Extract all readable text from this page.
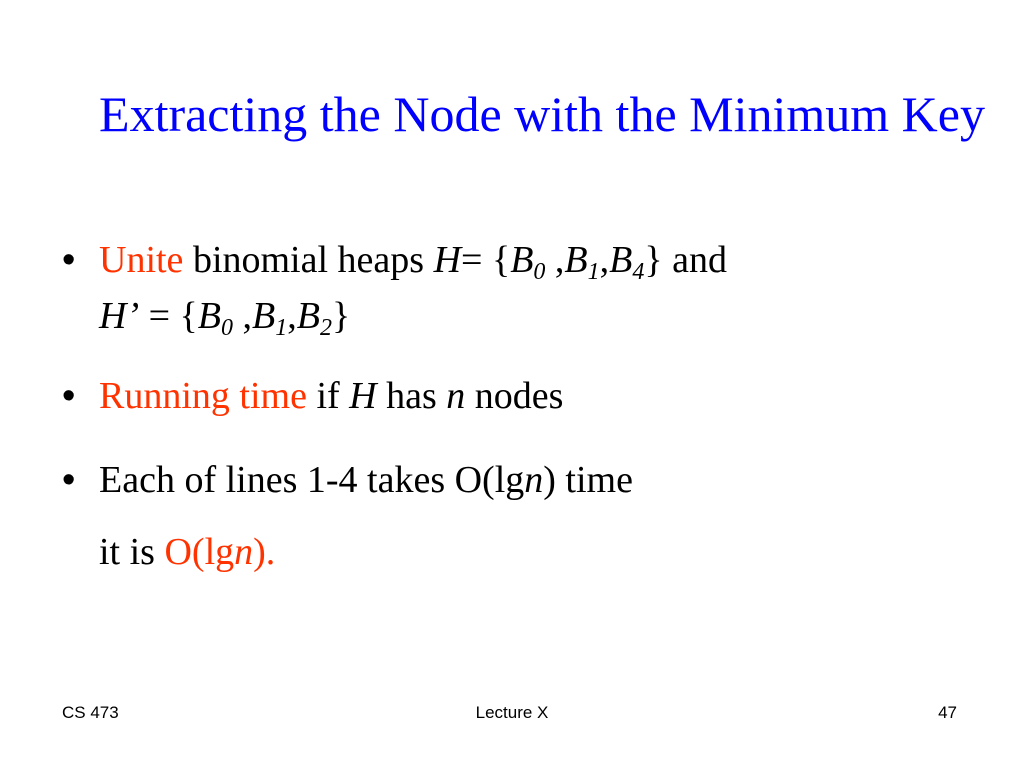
Extracting the Node with the Minimum Key
• Unite binomial heaps $H= \{B_0$ $,B_1,B_4$} and
H’ = {$B_0$ $,B_1,B_2$}
• Running time if H has n nodes
• Each of lines 1-4 takes O(lgn) time
it is O(lgn).
CS 473	Lecture X	47
